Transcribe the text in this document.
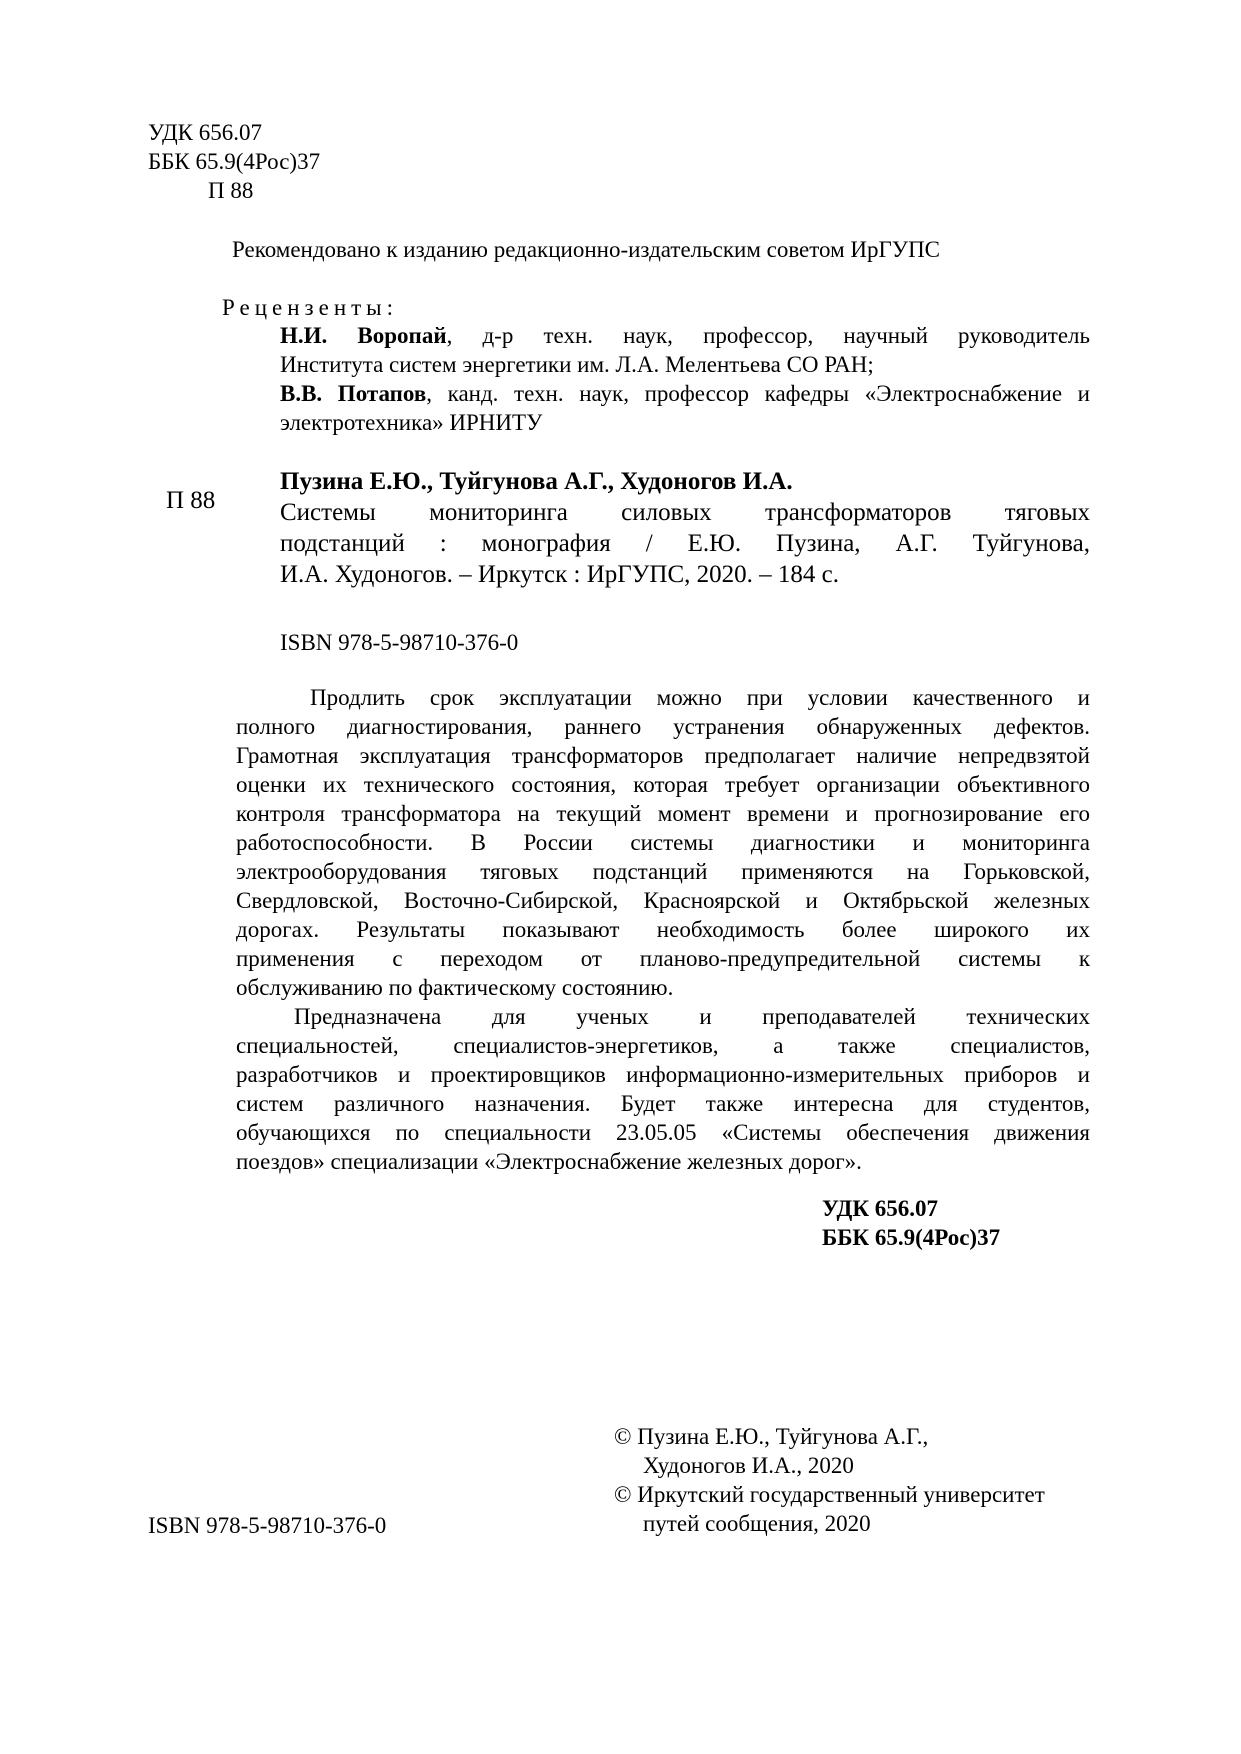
УДК 656.07
ББК 65.9(4Рос)37
П 88
Рекомендовано к изданию редакционно-издательским советом ИрГУПС
Рецензенты:
Н.И. Воропай, д-р техн. наук, профессор, научный руководитель
Института систем энергетики им. Л.А. Мелентьева СО РАН;
В.В. Потапов, канд. техн. наук, профессор кафедры «Электроснабжение и
электротехника» ИРНИТУ
П 88
Пузина Е.Ю., Туйгунова А.Г., Худоногов И.А.
Системы мониторинга силовых трансформаторов тяговых
подстанций : монография / Е.Ю. Пузина, А.Г. Туйгунова,
И.А. Худоногов. – Иркутск : ИрГУПС, 2020. – 184 с.
ISBN 978-5-98710-376-0
Продлить срок эксплуатации можно при условии качественного и
полного диагностирования, раннего устранения обнаруженных дефектов.
Грамотная эксплуатация трансформаторов предполагает наличие непредвзятой
оценки их технического состояния, которая требует организации объективного
контроля трансформатора на текущий момент времени и прогнозирование его
работоспособности. В России системы диагностики и мониторинга
электрооборудования тяговых подстанций применяются на Горьковской,
Свердловской, Восточно-Сибирской, Красноярской и Октябрьской железных
дорогах. Результаты показывают необходимость более широкого их
применения с переходом от планово-предупредительной системы к
обслуживанию по фактическому состоянию.
Предназначена для ученых и преподавателей технических
специальностей, специалистов-энергетиков, а также специалистов,
разработчиков и проектировщиков информационно-измерительных приборов и
систем различного назначения. Будет также интересна для студентов,
обучающихся по специальности 23.05.05 «Системы обеспечения движения
поездов» специализации «Электроснабжение железных дорог».
УДК 656.07
ББК 65.9(4Рос)37
© Пузина Е.Ю., Туйгунова А.Г.,
Худоногов И.А., 2020
© Иркутский государственный университет
путей сообщения, 2020
ISBN 978-5-98710-376-0
